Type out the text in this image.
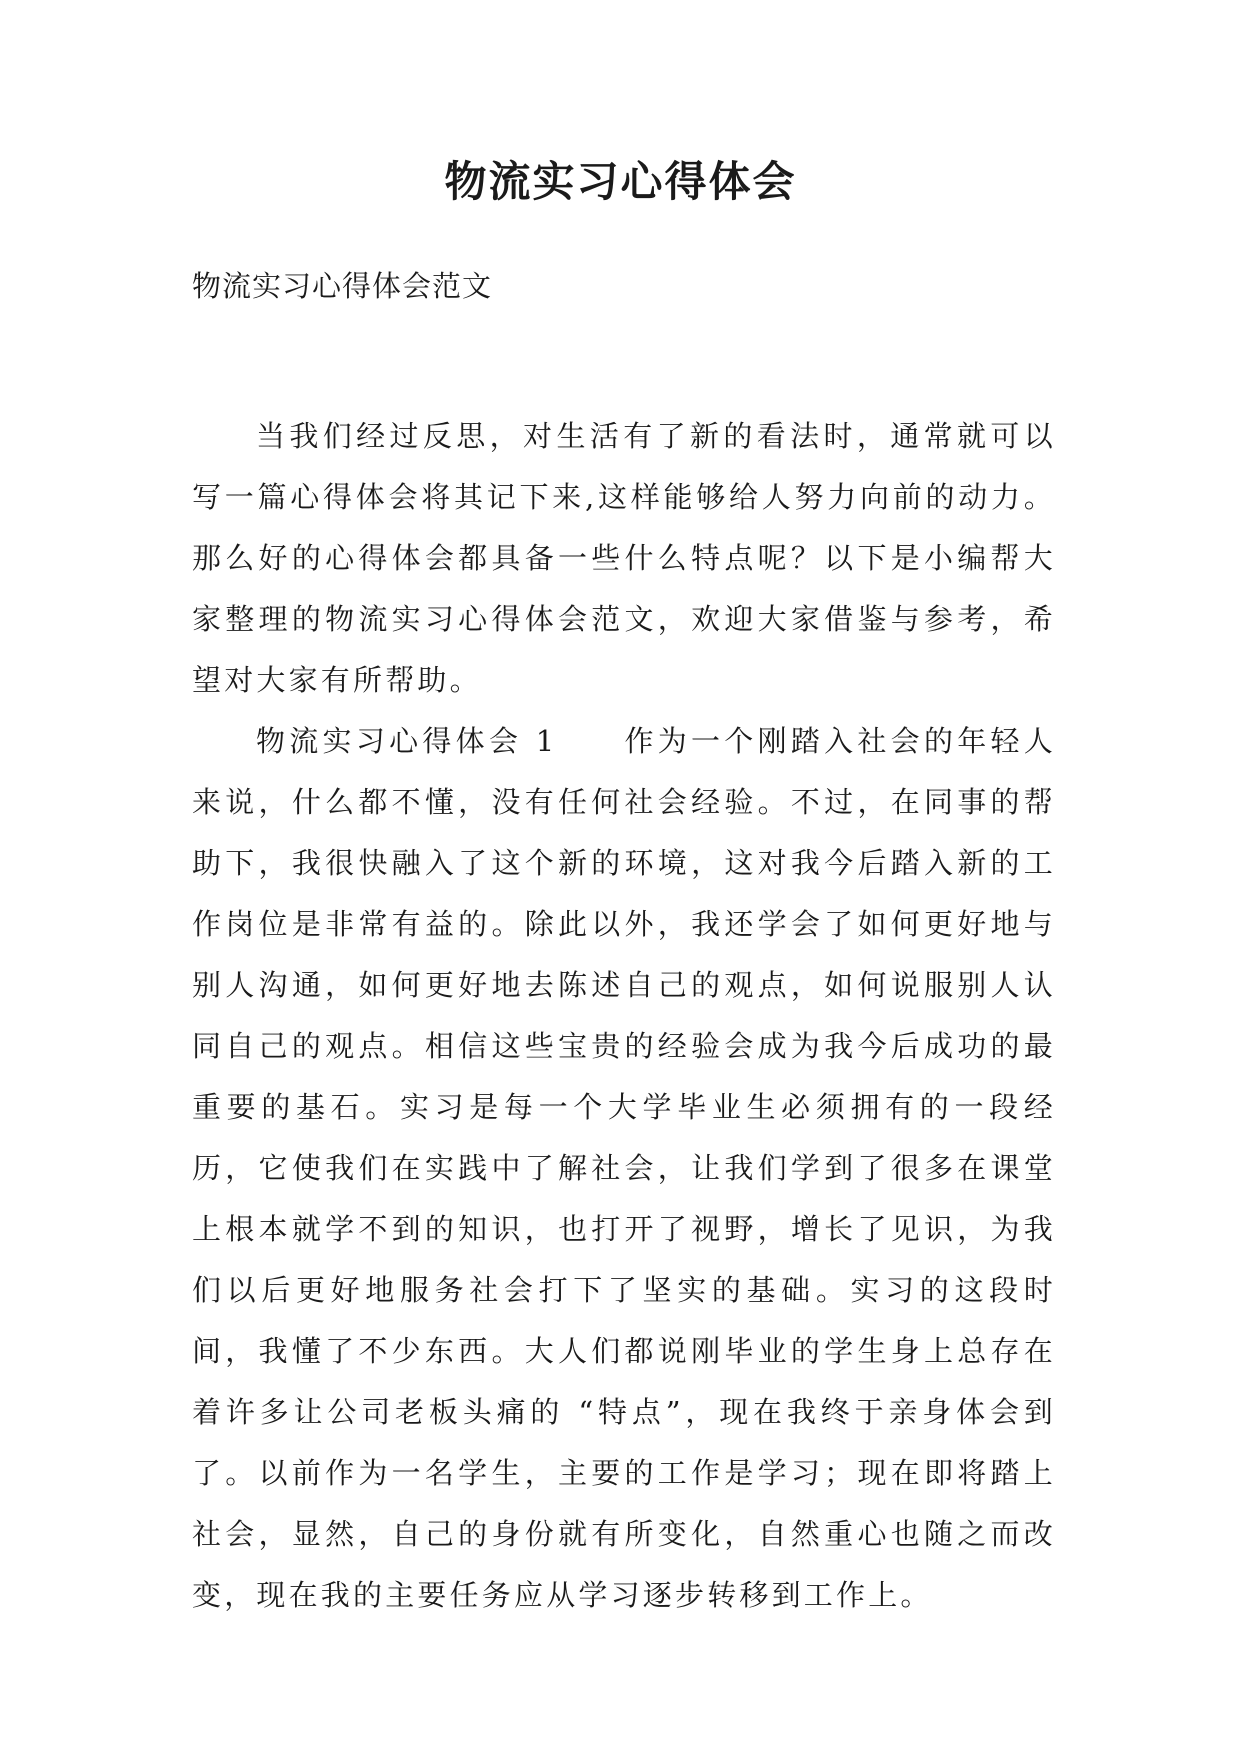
物流实习心得体会

物流实习心得体会范文

当我们经过反思，对生活有了新的看法时，通常就可以写一篇心得体会将其记下来,这样能够给人努力向前的动力。那么好的心得体会都具备一些什么特点呢？以下是小编帮大家整理的物流实习心得体会范文，欢迎大家借鉴与参考，希望对大家有所帮助。

物流实习心得体会 1 作为一个刚踏入社会的年轻人来说，什么都不懂，没有任何社会经验。不过，在同事的帮助下，我很快融入了这个新的环境，这对我今后踏入新的工作岗位是非常有益的。除此以外，我还学会了如何更好地与别人沟通，如何更好地去陈述自己的观点，如何说服别人认同自己的观点。相信这些宝贵的经验会成为我今后成功的最重要的基石。实习是每一个大学毕业生必须拥有的一段经历，它使我们在实践中了解社会，让我们学到了很多在课堂上根本就学不到的知识，也打开了视野，增长了见识，为我们以后更好地服务社会打下了坚实的基础。实习的这段时间，我懂了不少东西。大人们都说刚毕业的学生身上总存在着许多让公司老板头痛的 “特点”，现在我终于亲身体会到了。以前作为一名学生，主要的工作是学习；现在即将踏上社会，显然，自己的身份就有所变化，自然重心也随之而改变，现在我的主要任务应从学习逐步转移到工作上。
